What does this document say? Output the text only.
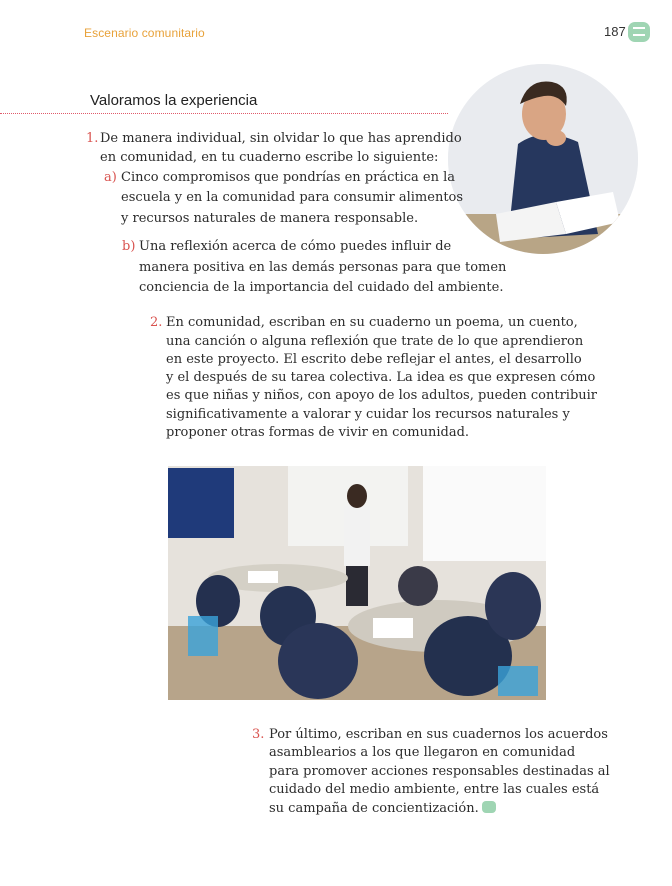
Escenario comunitario	187
Valoramos la experiencia
1. De manera individual, sin olvidar lo que has aprendido
en comunidad, en tu cuaderno escribe lo siguiente:
a) Cinco compromisos que pondrías en práctica en la
escuela y en la comunidad para consumir alimentos
y recursos naturales de manera responsable.
b) Una reflexión acerca de cómo puedes influir de
manera positiva en las demás personas para que tomen
conciencia de la importancia del cuidado del ambiente.
2. En comunidad, escriban en su cuaderno un poema, un cuento,
una canción o alguna reflexión que trate de lo que aprendieron
en este proyecto. El escrito debe reflejar el antes, el desarrollo
y el después de su tarea colectiva. La idea es que expresen cómo
es que niñas y niños, con apoyo de los adultos, pueden contribuir
significativamente a valorar y cuidar los recursos naturales y
proponer otras formas de vivir en comunidad.
3. Por último, escriban en sus cuadernos los acuerdos
asamblearios a los que llegaron en comunidad
para promover acciones responsables destinadas al
cuidado del medio ambiente, entre las cuales está
su campaña de concientización.
